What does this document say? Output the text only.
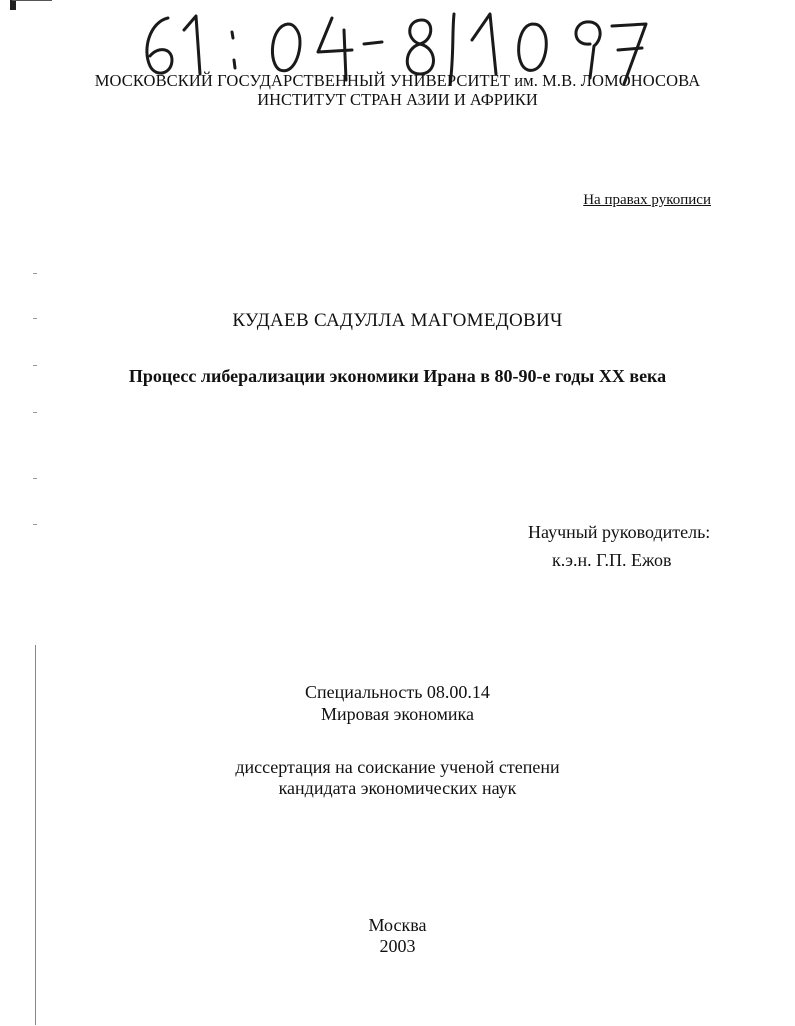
МОСКОВСКИЙ ГОСУДАРСТВЕННЫЙ УНИВЕРСИТЕТ им. М.В. ЛОМОНОСОВА
ИНСТИТУТ СТРАН АЗИИ И АФРИКИ
На правах рукописи
КУДАЕВ САДУЛЛА МАГОМЕДОВИЧ
Процесс либерализации экономики Ирана в 80-90-е годы XX века
Научный руководитель:
к.э.н. Г.П. Ежов
Специальность 08.00.14
Мировая экономика
диссертация на соискание ученой степени
кандидата экономических наук
Москва
2003
